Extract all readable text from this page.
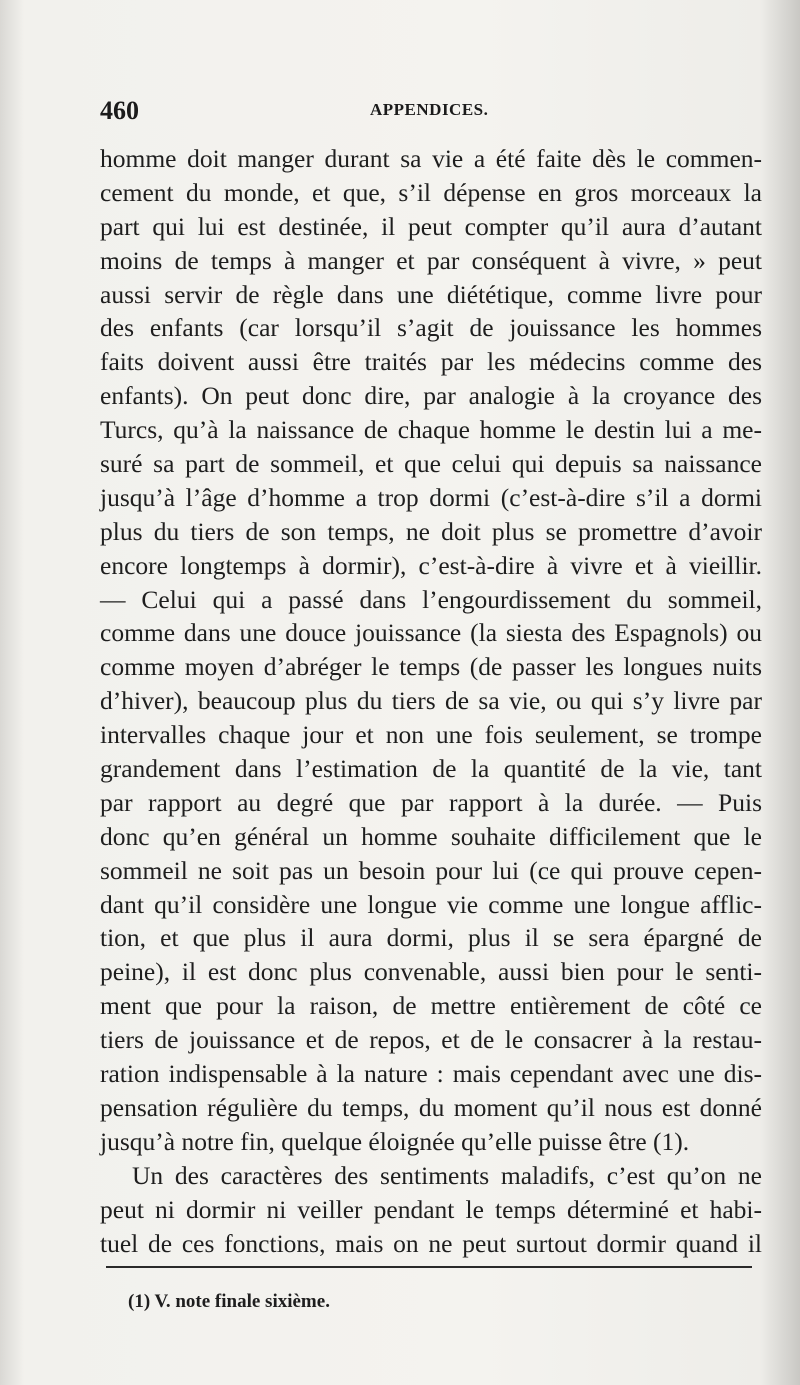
460	APPENDICES.
homme doit manger durant sa vie a été faite dès le commen-
cement du monde, et que, s’il dépense en gros morceaux la
part qui lui est destinée, il peut compter qu’il aura d’autant
moins de temps à manger et par conséquent à vivre, » peut
aussi servir de règle dans une diététique, comme livre pour
des enfants (car lorsqu’il s’agit de jouissance les hommes
faits doivent aussi être traités par les médecins comme des
enfants). On peut donc dire, par analogie à la croyance des
Turcs, qu’à la naissance de chaque homme le destin lui a me-
suré sa part de sommeil, et que celui qui depuis sa naissance
jusqu’à l’âge d’homme a trop dormi (c’est-à-dire s’il a dormi
plus du tiers de son temps, ne doit plus se promettre d’avoir
encore longtemps à dormir), c’est-à-dire à vivre et à vieillir.
— Celui qui a passé dans l’engourdissement du sommeil,
comme dans une douce jouissance (la siesta des Espagnols) ou
comme moyen d’abréger le temps (de passer les longues nuits
d’hiver), beaucoup plus du tiers de sa vie, ou qui s’y livre par
intervalles chaque jour et non une fois seulement, se trompe
grandement dans l’estimation de la quantité de la vie, tant
par rapport au degré que par rapport à la durée. — Puis
donc qu’en général un homme souhaite difficilement que le
sommeil ne soit pas un besoin pour lui (ce qui prouve cepen-
dant qu’il considère une longue vie comme une longue afflic-
tion, et que plus il aura dormi, plus il se sera épargné de
peine), il est donc plus convenable, aussi bien pour le senti-
ment que pour la raison, de mettre entièrement de côté ce
tiers de jouissance et de repos, et de le consacrer à la restau-
ration indispensable à la nature : mais cependant avec une dis-
pensation régulière du temps, du moment qu’il nous est donné
jusqu’à notre fin, quelque éloignée qu’elle puisse être (1).
Un des caractères des sentiments maladifs, c’est qu’on ne
peut ni dormir ni veiller pendant le temps déterminé et habi-
tuel de ces fonctions, mais on ne peut surtout dormir quand il
(1) V. note finale sixième.
